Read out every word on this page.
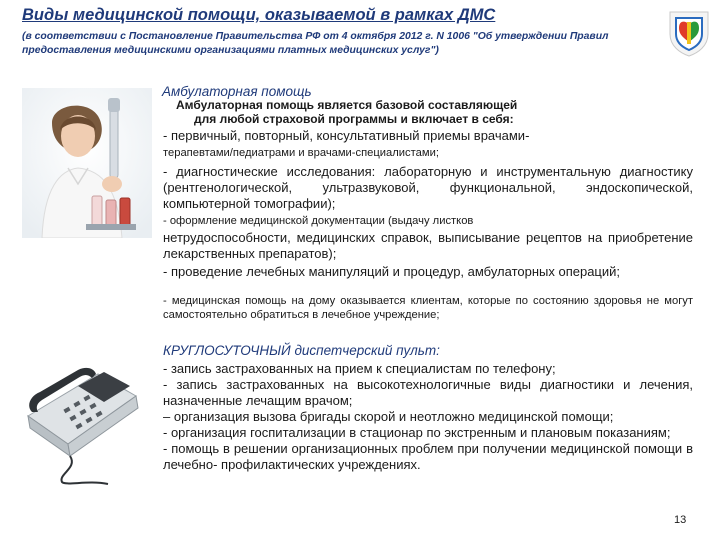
Виды медицинской помощи, оказываемой в рамках ДМС
(в соответствии с Постановление Правительства РФ от 4 октября 2012 г. N 1006 "Об утверждении Правил предоставления медицинскими организациями платных медицинских услуг")
Амбулаторная помощь
Амбулаторная помощь является базовой составляющей
для любой страховой программы и включает в себя:
- первичный, повторный, консультативный приемы врачами-
терапевтами/педиатрами и врачами-специалистами;
- диагностические исследования: лабораторную и инструментальную диагностику (рентгенологической, ультразвуковой, функциональной, эндоскопической, компьютерной томографии);
- оформление медицинской документации (выдачу листков
нетрудоспособности, медицинских справок, выписывание рецептов на приобретение лекарственных препаратов);
- проведение лечебных манипуляций и процедур, амбулаторных операций;
- медицинская помощь на дому оказывается клиентам, которые по состоянию здоровья не могут самостоятельно обратиться в лечебное учреждение;
КРУГЛОСУТОЧНЫЙ диспетчерский пульт:
- запись застрахованных на прием к специалистам по телефону;
- запись застрахованных на высокотехнологичные виды диагностики и лечения, назначенные лечащим врачом;
– организация вызова бригады скорой и неотложно медицинской помощи;
- организация госпитализации в стационар по экстренным и плановым показаниям;
- помощь в решении организационных проблем при получении медицинской помощи в лечебно- профилактических учреждениях.
13
